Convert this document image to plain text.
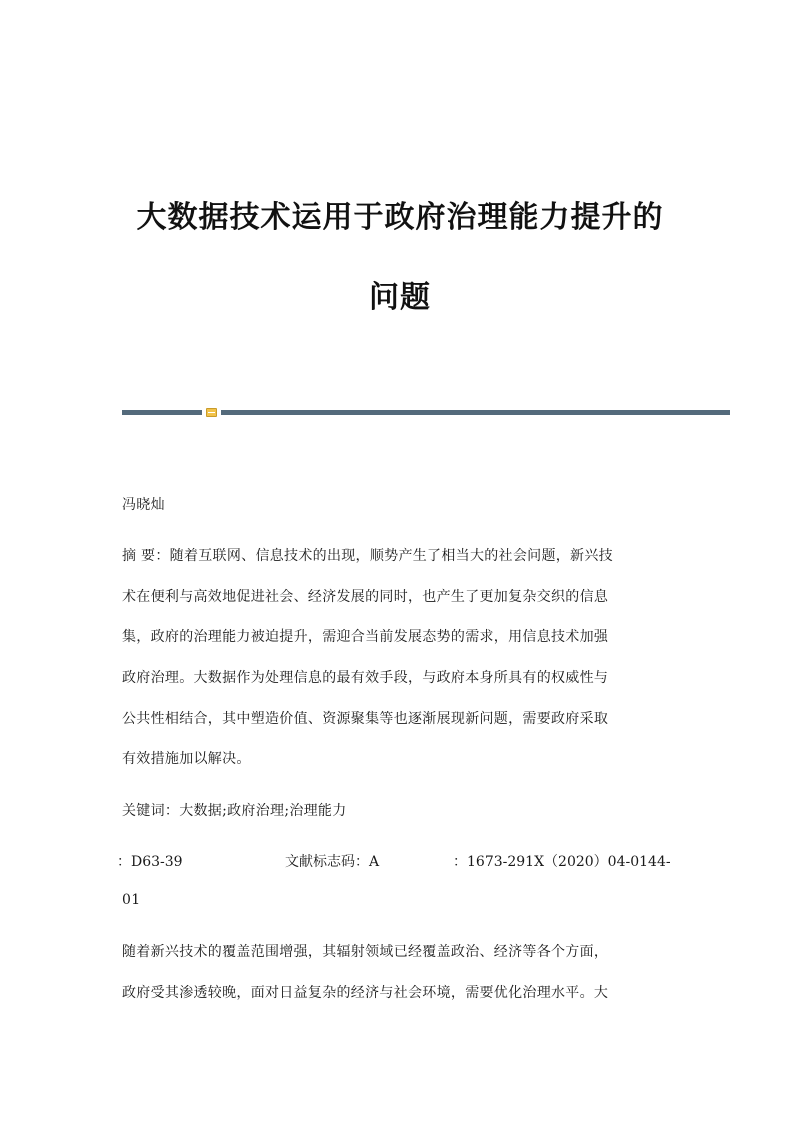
大数据技术运用于政府治理能力提升的
问题
冯晓灿
摘 要：随着互联网、信息技术的出现，顺势产生了相当大的社会问题，新兴技
术在便利与高效地促进社会、经济发展的同时，也产生了更加复杂交织的信息
集，政府的治理能力被迫提升，需迎合当前发展态势的需求，用信息技术加强
政府治理。大数据作为处理信息的最有效手段，与政府本身所具有的权威性与
公共性相结合，其中塑造价值、资源聚集等也逐渐展现新问题，需要政府采取
有效措施加以解决。
关键词：大数据;政府治理;治理能力
：D63-39	文献标志码：A	：1673-291X（2020）04-0144-
01
随着新兴技术的覆盖范围增强，其辐射领域已经覆盖政治、经济等各个方面，
政府受其渗透较晚，面对日益复杂的经济与社会环境，需要优化治理水平。大
